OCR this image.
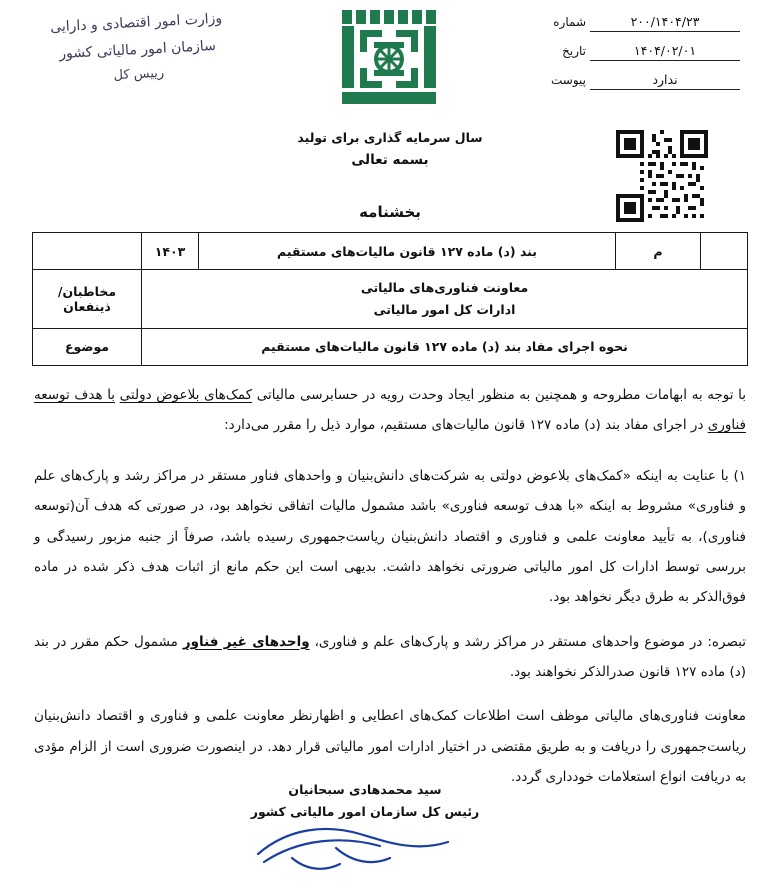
۲۰۰/۱۴۰۴/۲۳
شماره
۱۴۰۴/۰۲/۰۱
تاریخ
ندارد
پیوست
وزارت امور اقتصادی و دارایی
سازمان امور مالیاتی کشور
رییس کل
سال سرمایه گذاری برای تولید
بسمه تعالی
بخشنامه
	م	بند (د) ماده ۱۲۷ قانون مالیات‌های مستقیم	۱۴۰۳	

معاونت فناوری‌های مالیاتی
ادارات کل امور مالیاتی				مخاطبان/ ذینفعان

نحوه اجرای مفاد بند (د) ماده ۱۲۷ قانون مالیات‌های مستقیم				موضوع

با توجه به ابهامات مطروحه و همچنین به منظور ایجاد وحدت رویه در حسابرسی مالیاتی کمک‌های بلاعوض دولتی با هدف توسعه فناوری در اجرای مفاد بند (د) ماده ۱۲۷ قانون مالیات‌های مستقیم، موارد ذیل را مقرر می‌دارد:

۱) با عنایت به اینکه «کمک‌های بلاعوض دولتی به شرکت‌های دانش‌بنیان و واحدهای فناور مستقر در مراکز رشد و پارک‌های علم و فناوری» مشروط به اینکه «با هدف توسعه فناوری» باشد مشمول مالیات اتفاقی نخواهد بود، در صورتی که هدف آن(توسعه فناوری)، به تأیید معاونت علمی و فناوری و اقتصاد دانش‌بنیان ریاست‌جمهوری رسیده باشد، صرفاً از جنبه مزبور رسیدگی و بررسی توسط ادارات کل امور مالیاتی ضرورتی نخواهد داشت. بدیهی است این حکم مانع از اثبات هدف ذکر شده در ماده فوق‌الذکر به طرق دیگر نخواهد بود.

تبصره: در موضوع واحدهای مستقر در مراکز رشد و پارک‌های علم و فناوری، واحدهای غیر فناور مشمول حکم مقرر در بند (د) ماده ۱۲۷ قانون صدرالذکر نخواهند بود.

معاونت فناوری‌های مالیاتی موظف است اطلاعات کمک‌های اعطایی و اظهارنظر معاونت علمی و فناوری و اقتصاد دانش‌بنیان ریاست‌جمهوری را دریافت و به طریق مقتضی در اختیار ادارات امور مالیاتی قرار دهد. در اینصورت ضروری است از الزام مؤدی به دریافت انواع استعلامات خودداری گردد.

سید محمدهادی سبحانیان
رئیس کل سازمان امور مالیاتی کشور
